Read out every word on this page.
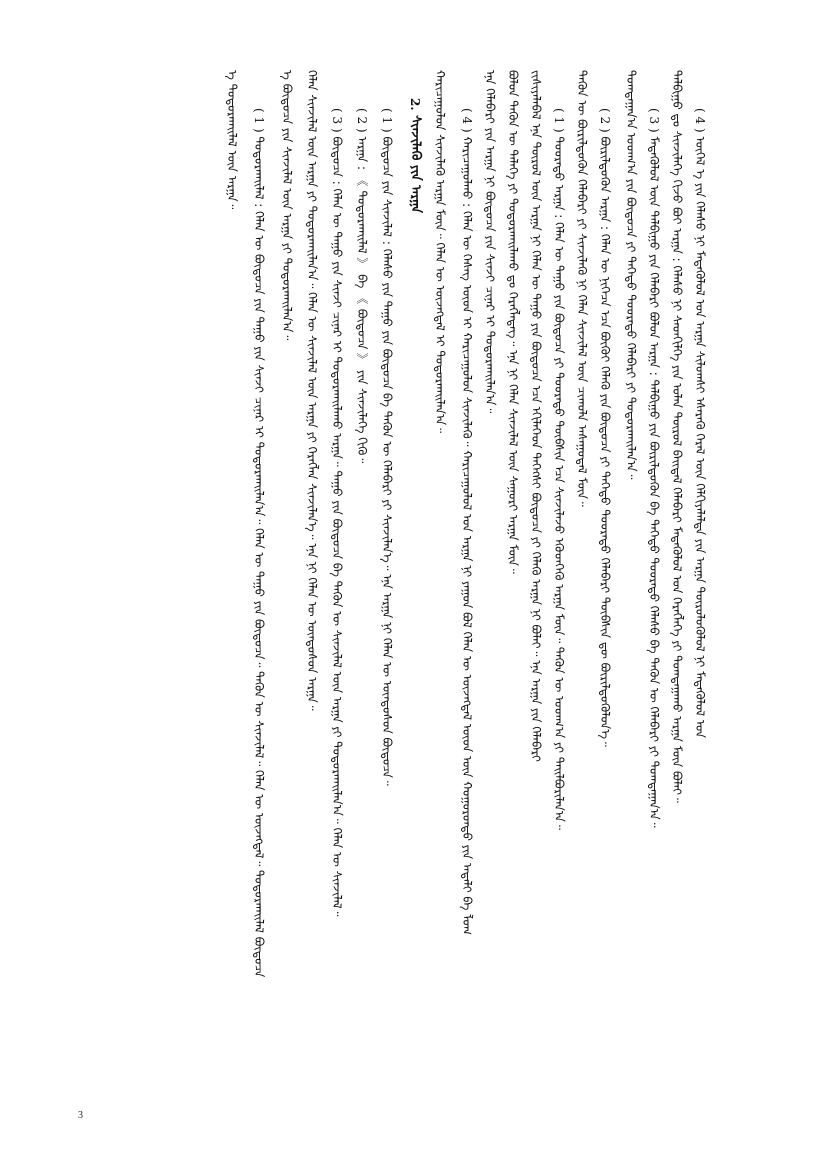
( 4 ) ᠦᠭᠡᠯ ᠡ ᠶᠢᠨ ᠬᠡᠯᠡᠰᠦ ᠨᠢ ᠮᠡᠳᠡᠭᠦᠯᠦᠯ ᠤᠨ ᠠᠷᠭᠠ ᠰᠢᠯᠤᠭᠰᠢ ᠡᠰᠡᠷᠡᠭᠦ ᠭᠡᠷᠡᠯ ᠦᠨ ᠬᠡᠯᠬᠢᠶᠡᠯᠡᠯᠲᠡ ᠶᠢᠨ ᠠᠷᠭᠠ ᠲᠥᠷᠦᠯᠦᠬᠦᠯᠦᠯ ᠨᠢ ᠮᠡᠳᠡᠭᠦᠯᠦᠯ ᠤᠨ
ᠲᠠᠯᠪᠢᠭᠤ ᠳᠤ ᠰᠢᠨᠵᠢᠯᠡᠭᠡ ᠬᠢᠵᠦ ᠪᠤᠢ ᠠᠷᠭᠠ : ᠬᠡᠯᠡᠰᠦ ᠨᠢ ᠰᠡᠳᠬᠢᠯᠭᠡ ᠶᠢᠨ ᠤᠯᠠᠨ ᠲᠥᠷᠦᠯ ᠪᠠᠢᠳᠠᠯ ᠬᠡᠯᠡᠪᠡᠷᠢ ᠮᠡᠳᠡᠭᠦᠯᠦᠯ ᠤᠨ ᠬᠡᠷᠡᠭᠯᠡᠭᠡ ᠶᠢ ᠲᠣᠭᠲᠠᠭᠠᠬᠤ ᠠᠷᠭᠠ ᠮᠥᠨ ᠪᠣᠯᠠᠢ᠃
( 3 ) ᠮᠡᠳᠡᠭᠦᠯᠦᠯ ᠦᠨ ᠲᠠᠯᠪᠢᠭᠤ ᠶᠢᠨ ᠬᠡᠯᠡᠪᠡᠷᠢ ᠪᠣᠯᠤᠨ ᠠᠷᠭᠠ : ᠲᠠᠯᠪᠢᠭᠤ ᠶᠢᠨ ᠪᠦᠷᠢᠯᠳᠦᠬᠦᠨ ᠪᠠ ᠳᠡᠭᠡᠳᠦ ᠳᠣᠣᠷᠠᠲᠤ ᠬᠡᠯᠡᠰᠦ ᠪᠠ ᠲᠡᠭᠦᠨ ᠦ ᠬᠡᠯᠡᠪᠡᠷᠢ ᠶᠢ ᠲᠣᠭᠲᠠᠭᠠᠨ᠎ᠠ᠃
ᠲᠣᠭᠲᠠᠭᠠᠨ᠎ᠠ ᠤᠳᠬ᠎ᠠ ᠶᠢᠨ ᠪᠦᠲᠦᠴᠡ ᠶᠢ ᠳᠡᠭᠡᠳᠦ ᠳᠣᠣᠷᠠᠲᠤ ᠬᠡᠯᠡᠪᠡᠷᠢ ᠶᠢ ᠲᠣᠳᠤᠷᠬᠠᠢᠯᠠᠨ᠎ᠠ᠃
( 2 ) ᠪᠦᠷᠢᠯᠳᠦᠬᠦᠨ ᠠᠷᠭᠠ : ᠬᠡᠯᠡᠨ ᠦ ᠨᠢᠭᠡᠴᠡ ᠡᠴᠡ ᠪᠥᠬᠦᠢ ᠬᠡᠯᠡᠬᠦ ᠶᠢᠨ ᠪᠦᠲᠦᠴᠡ ᠶᠢ ᠳᠡᠭᠡᠳᠦ ᠳᠣᠣᠷᠠᠲᠤ ᠬᠡᠯᠡᠪᠡᠷᠢ ᠲᠦᠪᠰᠢᠨ ᠳᠦ ᠪᠦᠷᠢᠯᠳᠦᠬᠦᠯᠦᠨ᠎ᠡ᠃
ᠲᠡᠭᠦᠨ ᠦ ᠪᠦᠷᠢᠯᠳᠦᠬᠦᠨ ᠬᠡᠯᠡᠪᠡᠷᠢ ᠶᠢ ᠰᠢᠨᠵᠢᠯᠡᠬᠦ ᠨᠢ ᠬᠡᠯᠡᠨ ᠰᠢᠨᠵᠢᠯᠡᠯ ᠦᠨ ᠴᠢᠬᠤᠯᠠ ᠠᠰᠠᠭᠤᠳᠠᠯ ᠮᠥᠨ᠃
( 1 ) ᠳᠣᠣᠷᠠᠲᠤ ᠠᠷᠭᠠ : ᠬᠡᠯᠡᠨ ᠦ ᠳᠠᠭᠤ ᠶᠢᠨ ᠪᠦᠲᠦᠴᠡ ᠶᠢ ᠳᠣᠣᠷᠠᠲᠤ ᠲᠦᠪᠰᠢᠨ ᠡᠴᠡ ᠰᠢᠨᠵᠢᠯᠡᠵᠦ ᠡᠭᠦᠳᠬᠡᠬᠦ ᠠᠷᠭᠠ ᠮᠥᠨ᠃ ᠲᠡᠭᠦᠨ ᠦ ᠤᠳᠬ᠎ᠠ ᠶᠢ ᠲᠠᠢᠯᠪᠤᠷᠢᠯᠠᠨ᠎ᠠ᠃
ᠵᠢᠱᠢᠶᠡᠯᠡᠪᠡᠯ ᠡᠨᠡ ᠲᠦᠷᠦᠯ ᠦᠨ ᠠᠷᠭᠠ ᠨᠢ ᠬᠡᠯᠡᠨ ᠦ ᠳᠠᠭᠤ ᠶᠢᠨ ᠪᠦᠲᠦᠴᠡ ᠡᠴᠡ ᠡᠬᠢᠯᠡᠭᠡᠳ ᠳᠡᠭᠡᠭᠰᠢ ᠪᠦᠲᠦᠴᠡ ᠶᠢ ᠬᠡᠯᠡᠬᠦ ᠠᠷᠭᠠ ᠨᠢ ᠪᠣᠯᠠᠢ᠃ ᠡᠨᠡ ᠠᠷᠭᠠ ᠶᠢᠨ ᠬᠡᠯᠡᠪᠡᠷᠢ
ᠪᠣᠯᠤᠨ ᠲᠡᠭᠦᠨ ᠦ ᠲᠡᠯᠡᠭᠡ ᠶᠢ ᠲᠣᠳᠤᠷᠬᠠᠢᠯᠠᠬᠤ ᠳᠤ ᠬᠡᠷᠡᠭᠯᠡᠳᠡᠭ᠃ ᠡᠨᠡ ᠨᠢ ᠬᠡᠯᠡᠨ ᠰᠢᠨᠵᠢᠯᠡᠯ ᠦᠨ ᠰᠠᠭᠤᠷᠢ ᠠᠷᠭᠠ ᠮᠥᠨ᠃
ᠡᠨᠡ ᠬᠡᠯᠡᠪᠡᠷᠢ ᠶᠢᠨ ᠠᠷᠭᠠ ᠨᠢ ᠪᠦᠲᠦᠴᠡ ᠶᠢᠨ ᠰᠢᠨᠵᠢ ᠴᠢᠨᠠᠷ ᠢ ᠲᠣᠳᠤᠷᠬᠠᠢᠯᠠᠨ᠎ᠠ᠃
( 4 ) ᠬᠠᠷᠢᠴᠠᠭᠤᠯᠬᠤ : ᠬᠡᠯᠡᠨ ᠦ ᠬᠡᠰᠡᠭ ᠦᠳ ᠢ ᠬᠠᠷᠢᠴᠠᠭᠤᠯᠤᠨ ᠰᠢᠨᠵᠢᠯᠡᠬᠦ᠃ ᠬᠠᠷᠢᠴᠠᠭᠤᠯᠤᠯ ᠤᠨ ᠠᠷᠭᠠ ᠨᠢ ᠶᠠᠭᠤᠨ ᠪᠣᠯ ᠬᠡᠯᠡᠨ ᠦ ᠦᠵᠡᠭᠳᠡᠯ ᠦᠳ ᠦᠨ ᠬᠣᠭᠣᠷᠣᠨᠳᠣ ᠶᠢᠨ ᠠᠳᠠᠯᠢ ᠪᠠ ᠯᠤᠭ
ᠬᠠᠷᠢᠴᠠᠭᠤᠯᠤᠨ ᠰᠢᠨᠵᠢᠯᠡᠬᠦ ᠠᠷᠭᠠ ᠮᠥᠨ᠃ ᠬᠡᠯᠡᠨ ᠦ ᠦᠵᠡᠭᠳᠡᠯ ᠢ ᠲᠣᠳᠤᠷᠬᠠᠢᠯᠠᠨ᠎ᠠ᠃
2. ᠰᠢᠨᠵᠢᠯᠡᠬᠦ ᠶᠢᠨ ᠠᠷᠭᠠ
( 1 ) ᠪᠦᠲᠦᠴᠡ ᠶᠢᠨ ᠰᠢᠨᠵᠢᠯᠡᠯ : ᠬᠡᠯᠡᠰᠦ ᠶᠢᠨ ᠳᠠᠭᠤ ᠶᠢᠨ ᠪᠦᠲᠦᠴᠡ ᠪᠠ ᠲᠡᠭᠦᠨ ᠦ ᠬᠡᠯᠡᠪᠡᠷᠢ ᠶᠢ ᠰᠢᠨᠵᠢᠯᠡᠨ᠎ᠡ᠃ ᠡᠨᠡ ᠠᠷᠭᠠ ᠨᠢ ᠬᠡᠯᠡᠨ ᠦ ᠦᠨᠳᠦᠰᠦᠨ ᠪᠦᠲᠦᠴᠡ᠃
( 2 ) ᠠᠷᠭᠠ : 《 ᠲᠣᠳᠤᠷᠬᠠᠢᠯᠠᠯ 》 ᠪᠠ 《 ᠪᠦᠲᠦᠴᠡ 》 ᠶᠢᠨ ᠰᠢᠨᠵᠢᠯᠡᠭᠡ ᠬᠢᠬᠦ᠃
( 3 ) ᠪᠦᠲᠦᠴᠡ : ᠬᠡᠯᠡᠨ ᠦ ᠳᠠᠭᠤ ᠶᠢᠨ ᠰᠢᠨᠵᠢ ᠴᠢᠨᠠᠷ ᠢ ᠲᠣᠳᠤᠷᠬᠠᠢᠯᠠᠬᠤ ᠠᠷᠭᠠ᠃ ᠳᠠᠭᠤ ᠶᠢᠨ ᠪᠦᠲᠦᠴᠡ ᠪᠠ ᠲᠡᠭᠦᠨ ᠦ ᠰᠢᠨᠵᠢᠯᠡᠯ ᠦᠨ ᠠᠷᠭᠠ ᠶᠢ ᠲᠣᠳᠤᠷᠬᠠᠢᠯᠠᠨ᠎ᠠ᠃ ᠬᠡᠯᠡᠨ ᠦ ᠰᠢᠨᠵᠢᠯᠡᠯ᠃
ᠬᠡᠯᠡᠨ ᠰᠢᠨᠵᠢᠯᠡᠯ ᠦᠨ ᠠᠷᠭᠠ ᠶᠢ ᠲᠣᠳᠤᠷᠬᠠᠢᠯᠠᠨ᠎ᠠ᠃ ᠬᠡᠯᠡᠨ ᠦ ᠰᠢᠨᠵᠢᠯᠡᠯ ᠦᠨ ᠠᠷᠭᠠ ᠶᠢ ᠬᠡᠷᠡᠭᠯᠡᠨ ᠰᠢᠨᠵᠢᠯᠡᠨ᠎ᠡ᠃ ᠡᠨᠡ ᠨᠢ ᠬᠡᠯᠡᠨ ᠦ ᠦᠨᠳᠦᠰᠦᠨ ᠠᠷᠭᠠ᠃
ᠡ ᠪᠦᠲᠦᠴᠡ ᠶᠢᠨ ᠰᠢᠨᠵᠢᠯᠡᠯ ᠦᠨ ᠠᠷᠭᠠ ᠶᠢ ᠲᠣᠳᠤᠷᠬᠠᠢᠯᠠᠨ᠎ᠠ᠃
( 1 ) ᠲᠣᠳᠤᠷᠬᠠᠢᠯᠠᠯ : ᠬᠡᠯᠡᠨ ᠦ ᠪᠦᠲᠦᠴᠡ ᠶᠢᠨ ᠳᠠᠭᠤ ᠶᠢᠨ ᠰᠢᠨᠵᠢ ᠴᠢᠨᠠᠷ ᠢ ᠲᠣᠳᠤᠷᠬᠠᠢᠯᠠᠨ᠎ᠠ᠃ ᠬᠡᠯᠡᠨ ᠦ ᠳᠠᠭᠤ ᠶᠢᠨ ᠪᠦᠲᠦᠴᠡ᠃ ᠲᠡᠭᠦᠨ ᠦ ᠰᠢᠨᠵᠢᠯᠡᠯ᠃ ᠬᠡᠯᠡᠨ ᠦ ᠦᠵᠡᠭᠳᠡᠯ᠃ ᠲᠣᠳᠤᠷᠬᠠᠢᠯᠠᠯ ᠪᠦᠲᠦᠴᠡ
ᠡ ᠲᠣᠳᠤᠷᠬᠠᠢᠯᠠᠯ ᠦᠨ ᠠᠷᠭᠠ᠃
3
